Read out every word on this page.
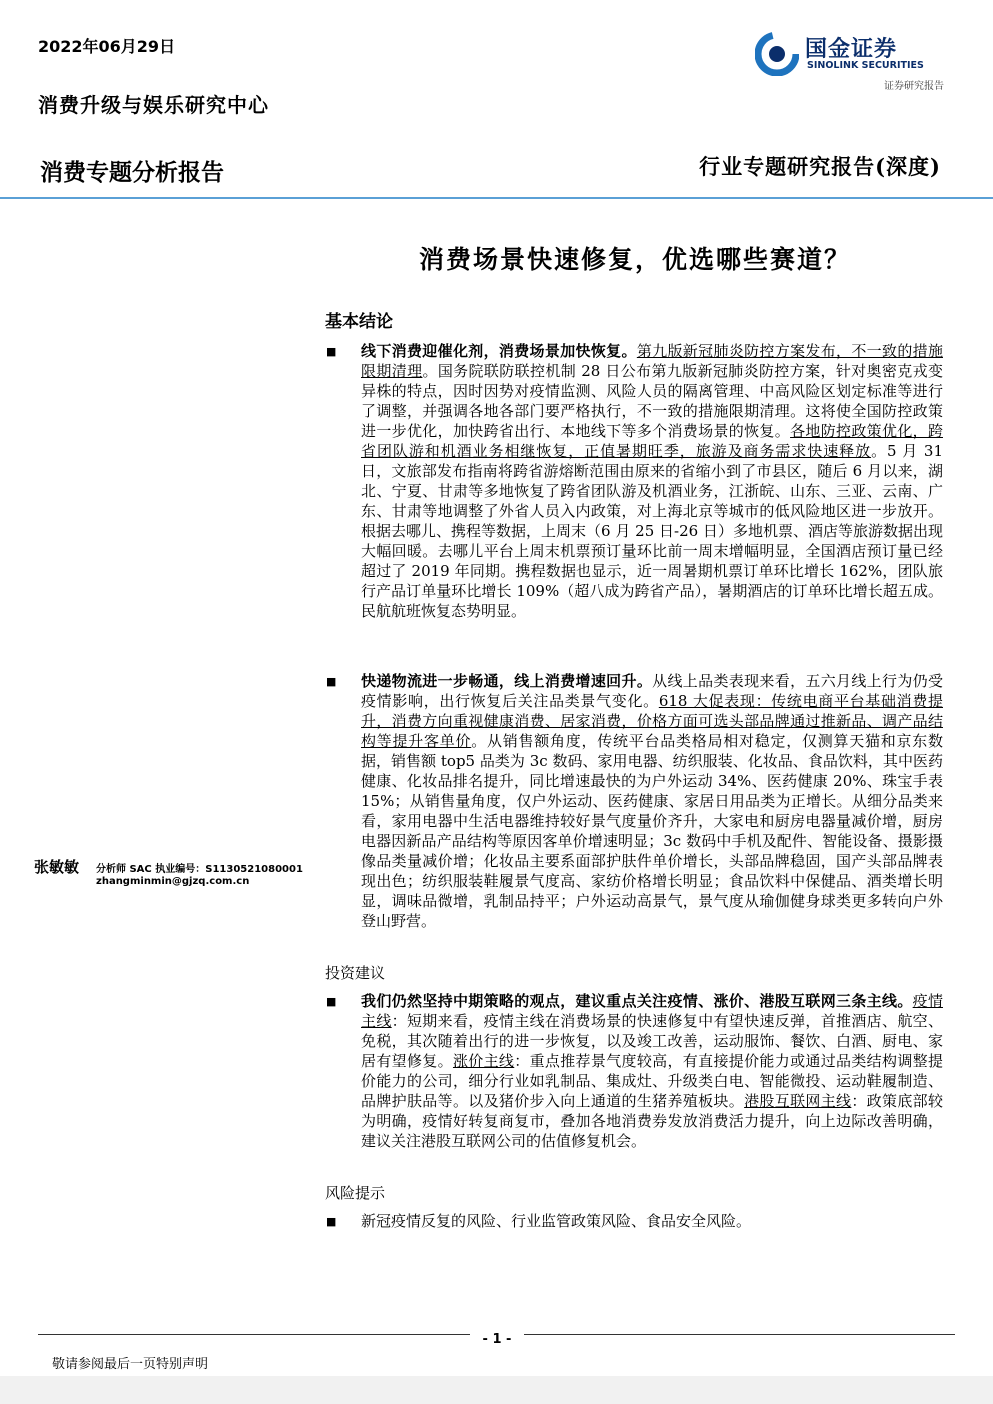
2022年06月29日
消费升级与娱乐研究中心
国金证券
SINOLINK SECURITIES
证券研究报告
消费专题分析报告	行业专题研究报告(深度)
消费场景快速修复，优选哪些赛道？
基本结论
■ 线下消费迎催化剂，消费场景加快恢复。第九版新冠肺炎防控方案发布，不一致的措施限期清理。国务院联防联控机制 28 日公布第九版新冠肺炎防控方案，针对奥密克戎变异株的特点，因时因势对疫情监测、风险人员的隔离管理、中高风险区划定标准等进行了调整，并强调各地各部门要严格执行，不一致的措施限期清理。这将使全国防控政策进一步优化，加快跨省出行、本地线下等多个消费场景的恢复。各地防控政策优化，跨省团队游和机酒业务相继恢复，正值暑期旺季，旅游及商务需求快速释放。5 月 31 日，文旅部发布指南将跨省游熔断范围由原来的省缩小到了市县区，随后 6 月以来，湖北、宁夏、甘肃等多地恢复了跨省团队游及机酒业务，江浙皖、山东、三亚、云南、广东、甘肃等地调整了外省人员入内政策，对上海北京等城市的低风险地区进一步放开。根据去哪儿、携程等数据，上周末（6 月 25 日-26 日）多地机票、酒店等旅游数据出现大幅回暖。去哪儿平台上周末机票预订量环比前一周末增幅明显，全国酒店预订量已经超过了 2019 年同期。携程数据也显示，近一周暑期机票订单环比增长 162%，团队旅行产品订单量环比增长 109%（超八成为跨省产品），暑期酒店的订单环比增长超五成。民航航班恢复态势明显。
■ 快递物流进一步畅通，线上消费增速回升。从线上品类表现来看，五六月线上行为仍受疫情影响，出行恢复后关注品类景气变化。618 大促表现：传统电商平台基础消费提升，消费方向重视健康消费、居家消费，价格方面可选头部品牌通过推新品、调产品结构等提升客单价。从销售额角度，传统平台品类格局相对稳定，仅测算天猫和京东数据，销售额 top5 品类为 3c 数码、家用电器、纺织服装、化妆品、食品饮料，其中医药健康、化妆品排名提升，同比增速最快的为户外运动 34%、医药健康 20%、珠宝手表 15%；从销售量角度，仅户外运动、医药健康、家居日用品类为正增长。从细分品类来看，家用电器中生活电器维持较好景气度量价齐升，大家电和厨房电器量减价增，厨房电器因新品产品结构等原因客单价增速明显；3c 数码中手机及配件、智能设备、摄影摄像品类量减价增；化妆品主要系面部护肤件单价增长，头部品牌稳固，国产头部品牌表现出色；纺织服装鞋履景气度高、家纺价格增长明显；食品饮料中保健品、酒类增长明显，调味品微增，乳制品持平；户外运动高景气，景气度从瑜伽健身球类更多转向户外登山野营。
投资建议
■ 我们仍然坚持中期策略的观点，建议重点关注疫情、涨价、港股互联网三条主线。疫情主线：短期来看，疫情主线在消费场景的快速修复中有望快速反弹，首推酒店、航空、免税，其次随着出行的进一步恢复，以及竣工改善，运动服饰、餐饮、白酒、厨电、家居有望修复。涨价主线：重点推荐景气度较高，有直接提价能力或通过品类结构调整提价能力的公司，细分行业如乳制品、集成灶、升级类白电、智能微投、运动鞋履制造、品牌护肤品等。以及猪价步入向上通道的生猪养殖板块。港股互联网主线：政策底部较为明确，疫情好转复商复市，叠加各地消费券发放消费活力提升，向上边际改善明确，建议关注港股互联网公司的估值修复机会。
风险提示
■ 新冠疫情反复的风险、行业监管政策风险、食品安全风险。
张敏敏 分析师 SAC 执业编号：S1130521080001
zhangminmin@gjzq.com.cn
- 1 -
敬请参阅最后一页特别声明
